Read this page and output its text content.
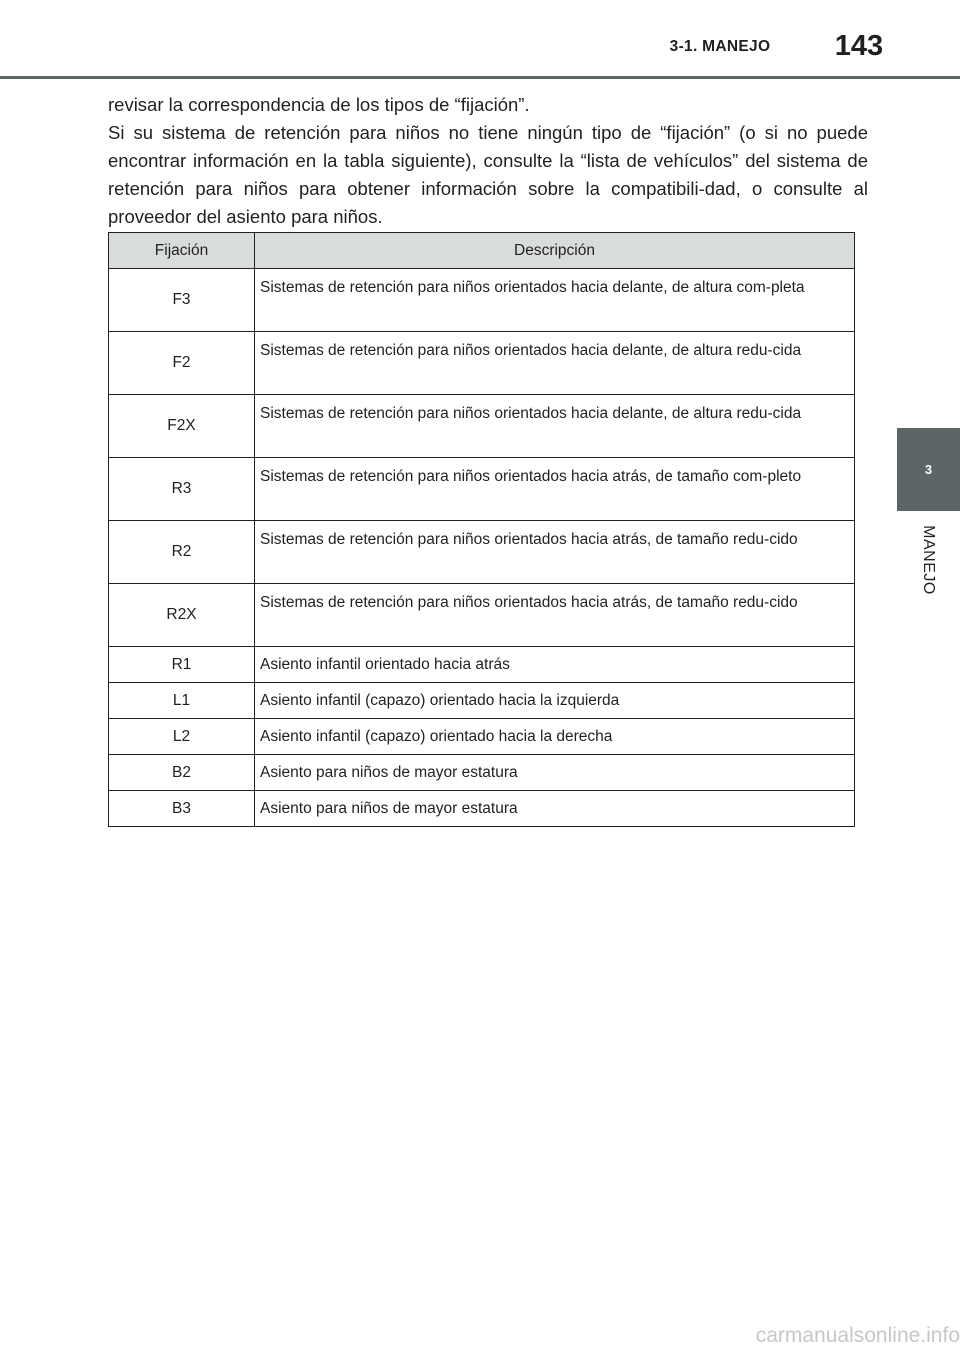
3-1. MANEJO	143
3
MANEJO

revisar la correspondencia de los tipos de “fijación”.

Si su sistema de retención para niños no tiene ningún tipo de “fijación” (o si no puede encontrar información en la tabla siguiente), consulte la “lista de vehículos” del sistema de retención para niños para obtener información sobre la compatibili-dad, o consulte al proveedor del asiento para niños.

Fijación	Descripción
F3	Sistemas de retención para niños orientados hacia delante, de altura com-pleta
F2	Sistemas de retención para niños orientados hacia delante, de altura redu-cida
F2X	Sistemas de retención para niños orientados hacia delante, de altura redu-cida
R3	Sistemas de retención para niños orientados hacia atrás, de tamaño com-pleto
R2	Sistemas de retención para niños orientados hacia atrás, de tamaño redu-cido
R2X	Sistemas de retención para niños orientados hacia atrás, de tamaño redu-cido
R1	Asiento infantil orientado hacia atrás
L1	Asiento infantil (capazo) orientado hacia la izquierda
L2	Asiento infantil (capazo) orientado hacia la derecha
B2	Asiento para niños de mayor estatura
B3	Asiento para niños de mayor estatura
carmanualsonline.info
